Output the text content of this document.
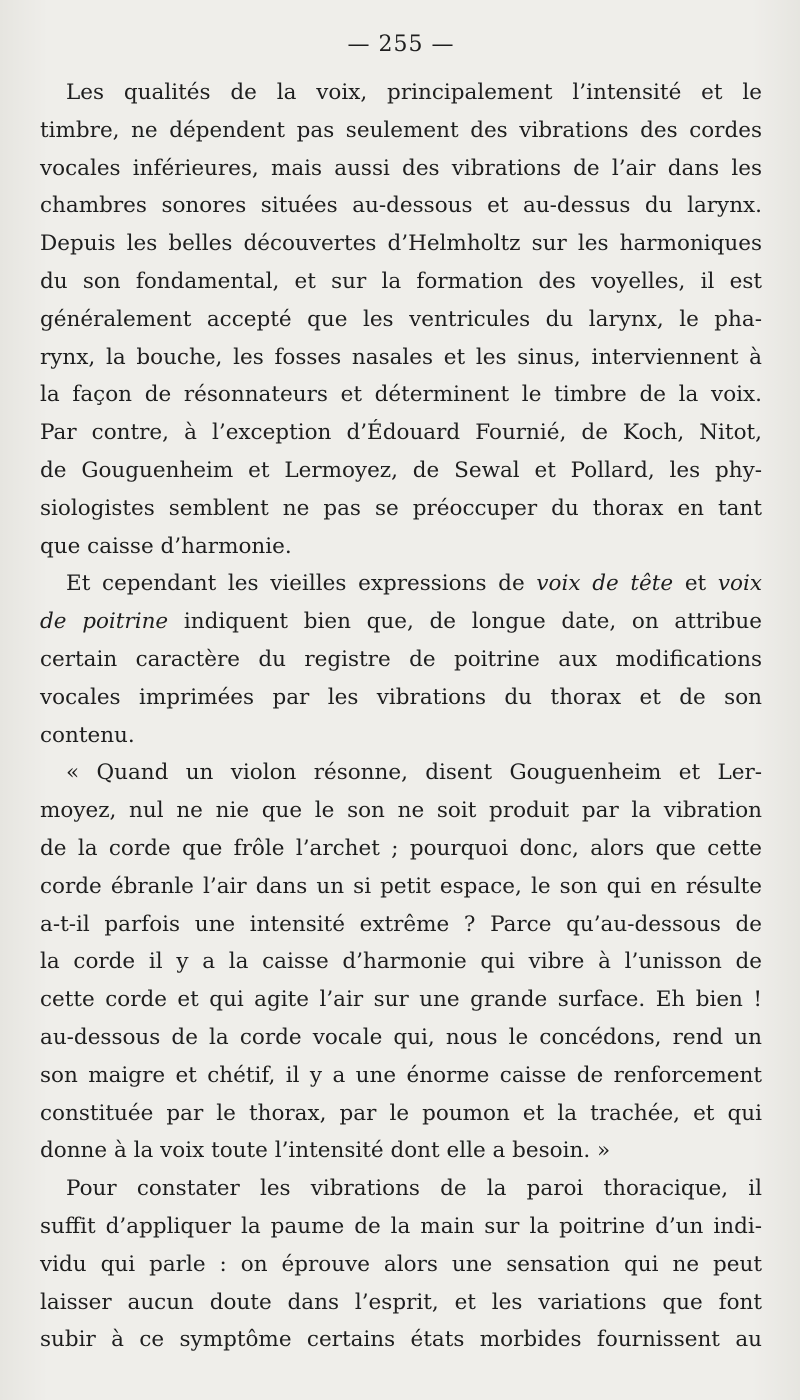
— 255 —
Les qualités de la voix, principalement l’intensité et le
timbre, ne dépendent pas seulement des vibrations des cordes
vocales inférieures, mais aussi des vibrations de l’air dans les
chambres sonores situées au-dessous et au-dessus du larynx.
Depuis les belles découvertes d’Helmholtz sur les harmoniques
du son fondamental, et sur la formation des voyelles, il est
généralement accepté que les ventricules du larynx, le pha-
rynx, la bouche, les fosses nasales et les sinus, interviennent à
la façon de résonnateurs et déterminent le timbre de la voix.
Par contre, à l’exception d’Édouard Fournié, de Koch, Nitot,
de Gouguenheim et Lermoyez, de Sewal et Pollard, les phy-
siologistes semblent ne pas se préoccuper du thorax en tant
que caisse d’harmonie.
Et cependant les vieilles expressions de voix de tête et voix
de poitrine indiquent bien que, de longue date, on attribue
certain caractère du registre de poitrine aux modifications
vocales imprimées par les vibrations du thorax et de son
contenu.
« Quand un violon résonne, disent Gouguenheim et Ler-
moyez, nul ne nie que le son ne soit produit par la vibration
de la corde que frôle l’archet ; pourquoi donc, alors que cette
corde ébranle l’air dans un si petit espace, le son qui en résulte
a-t-il parfois une intensité extrême ? Parce qu’au-dessous de
la corde il y a la caisse d’harmonie qui vibre à l’unisson de
cette corde et qui agite l’air sur une grande surface. Eh bien !
au-dessous de la corde vocale qui, nous le concédons, rend un
son maigre et chétif, il y a une énorme caisse de renforcement
constituée par le thorax, par le poumon et la trachée, et qui
donne à la voix toute l’intensité dont elle a besoin. »
Pour constater les vibrations de la paroi thoracique, il
suffit d’appliquer la paume de la main sur la poitrine d’un indi-
vidu qui parle : on éprouve alors une sensation qui ne peut
laisser aucun doute dans l’esprit, et les variations que font
subir à ce symptôme certains états morbides fournissent au
